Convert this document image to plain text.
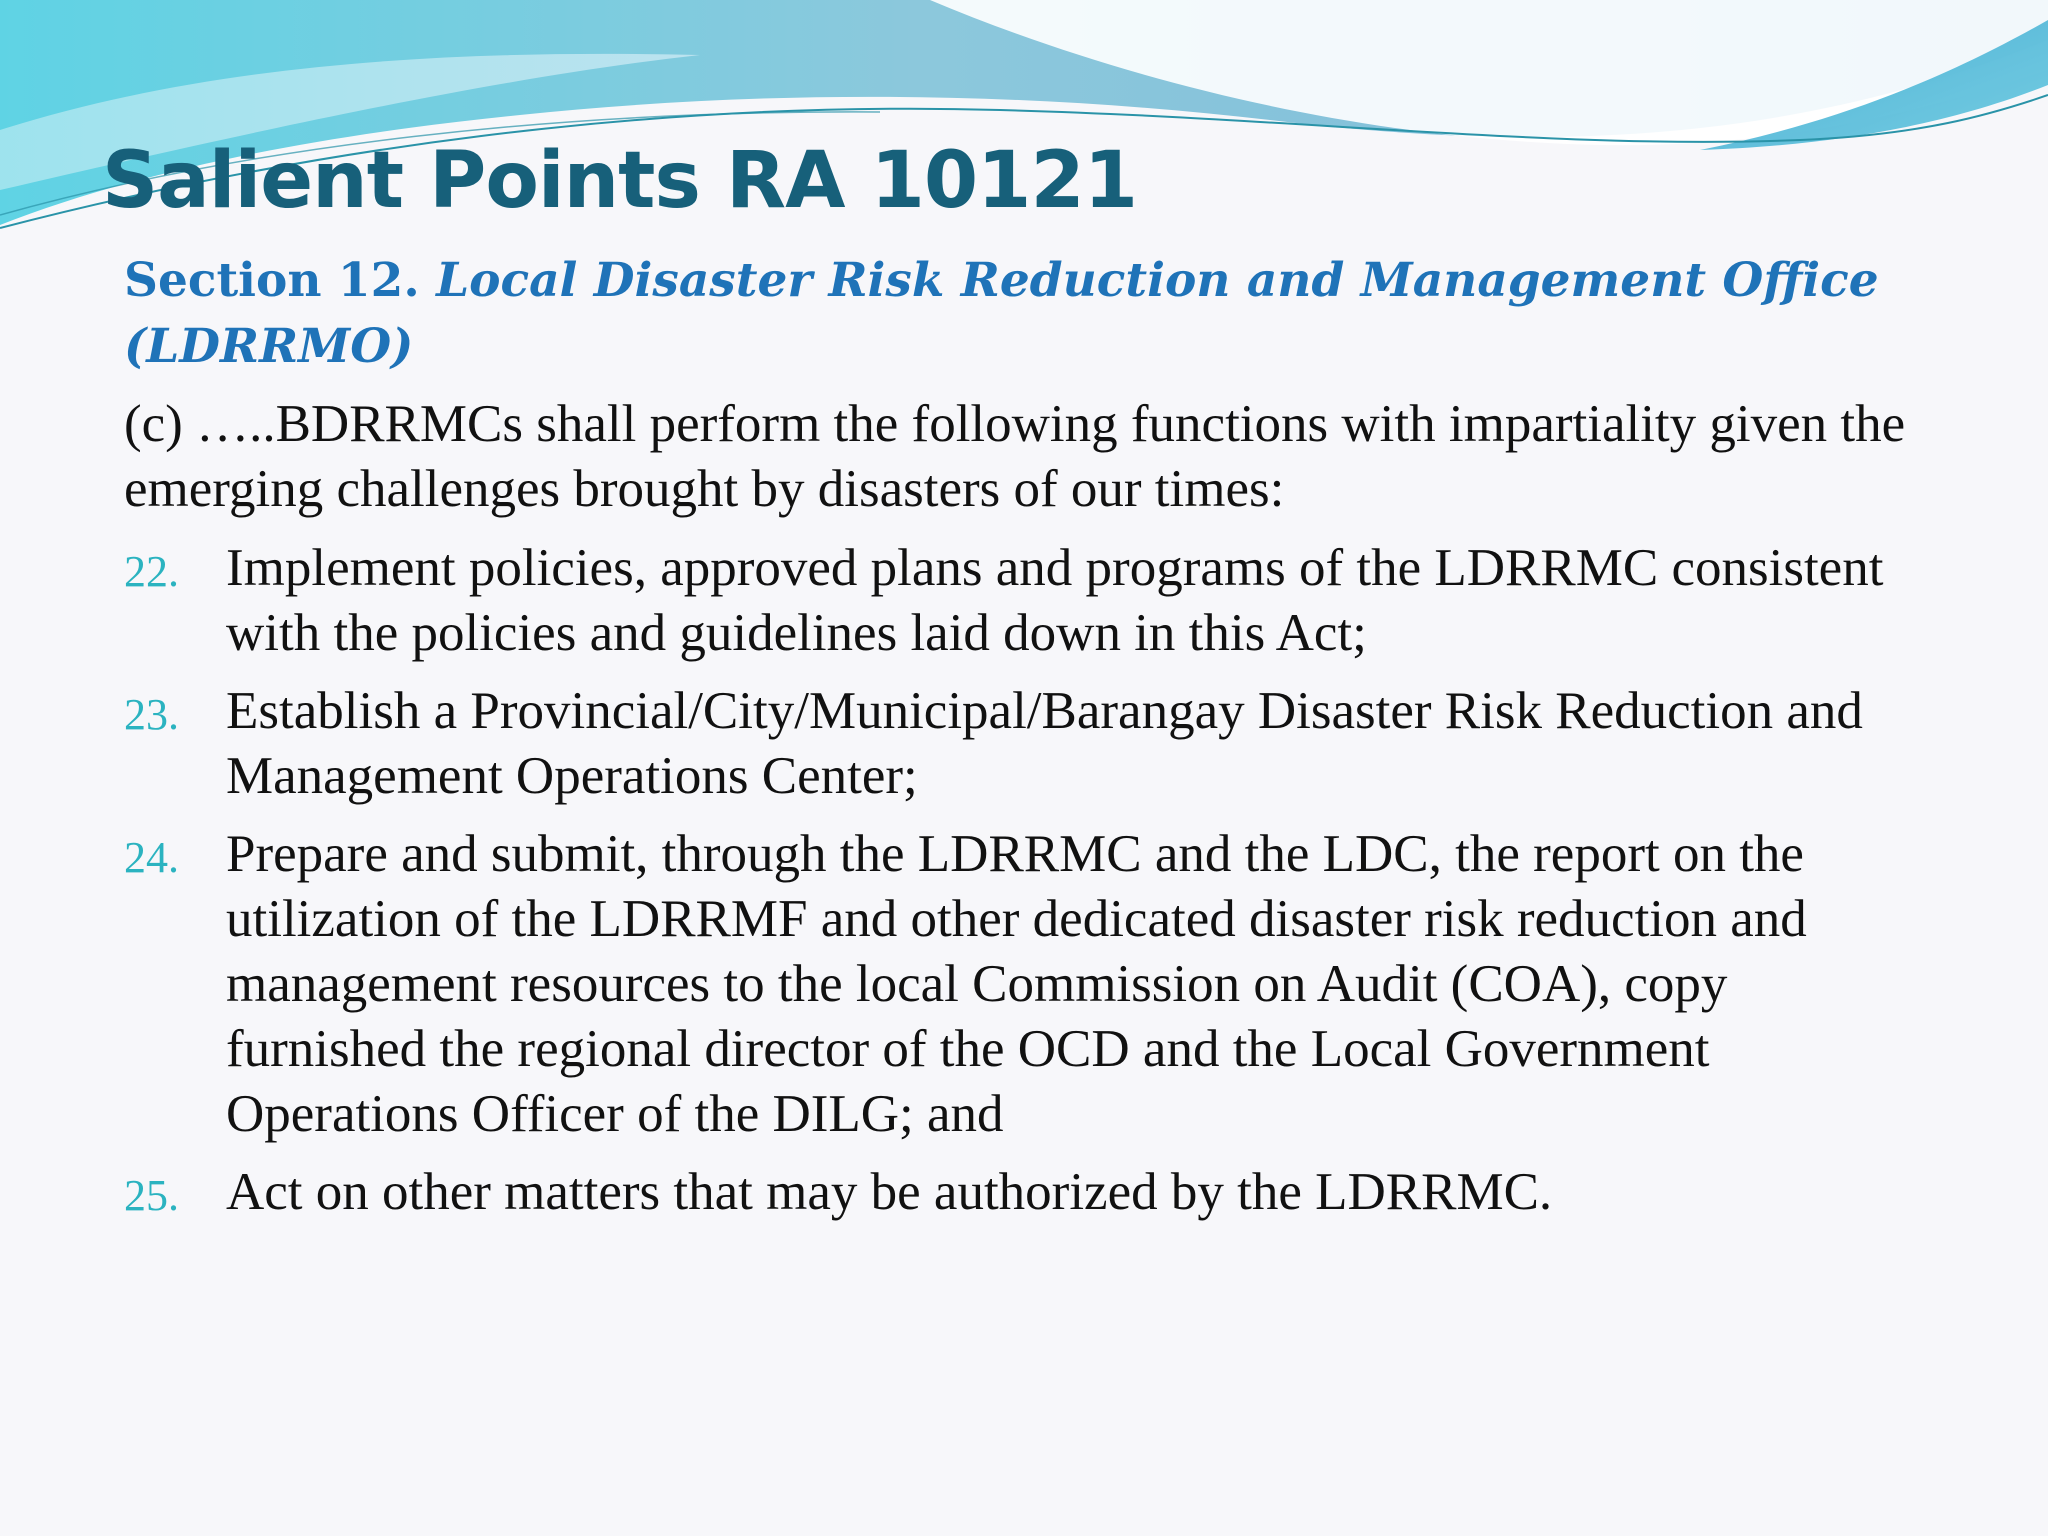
Salient Points RA 10121

Section 12. Local Disaster Risk Reduction and Management Office (LDRRMO)

(c) …..BDRRMCs shall perform the following functions with impartiality given the emerging challenges brought by disasters of our times:

22. Implement policies, approved plans and programs of the LDRRMC consistent with the policies and guidelines laid down in this Act;
23. Establish a Provincial/City/Municipal/Barangay Disaster Risk Reduction and Management Operations Center;
24. Prepare and submit, through the LDRRMC and the LDC, the report on the utilization of the LDRRMF and other dedicated disaster risk reduction and management resources to the local Commission on Audit (COA), copy furnished the regional director of the OCD and the Local Government Operations Officer of the DILG; and
25. Act on other matters that may be authorized by the LDRRMC.
